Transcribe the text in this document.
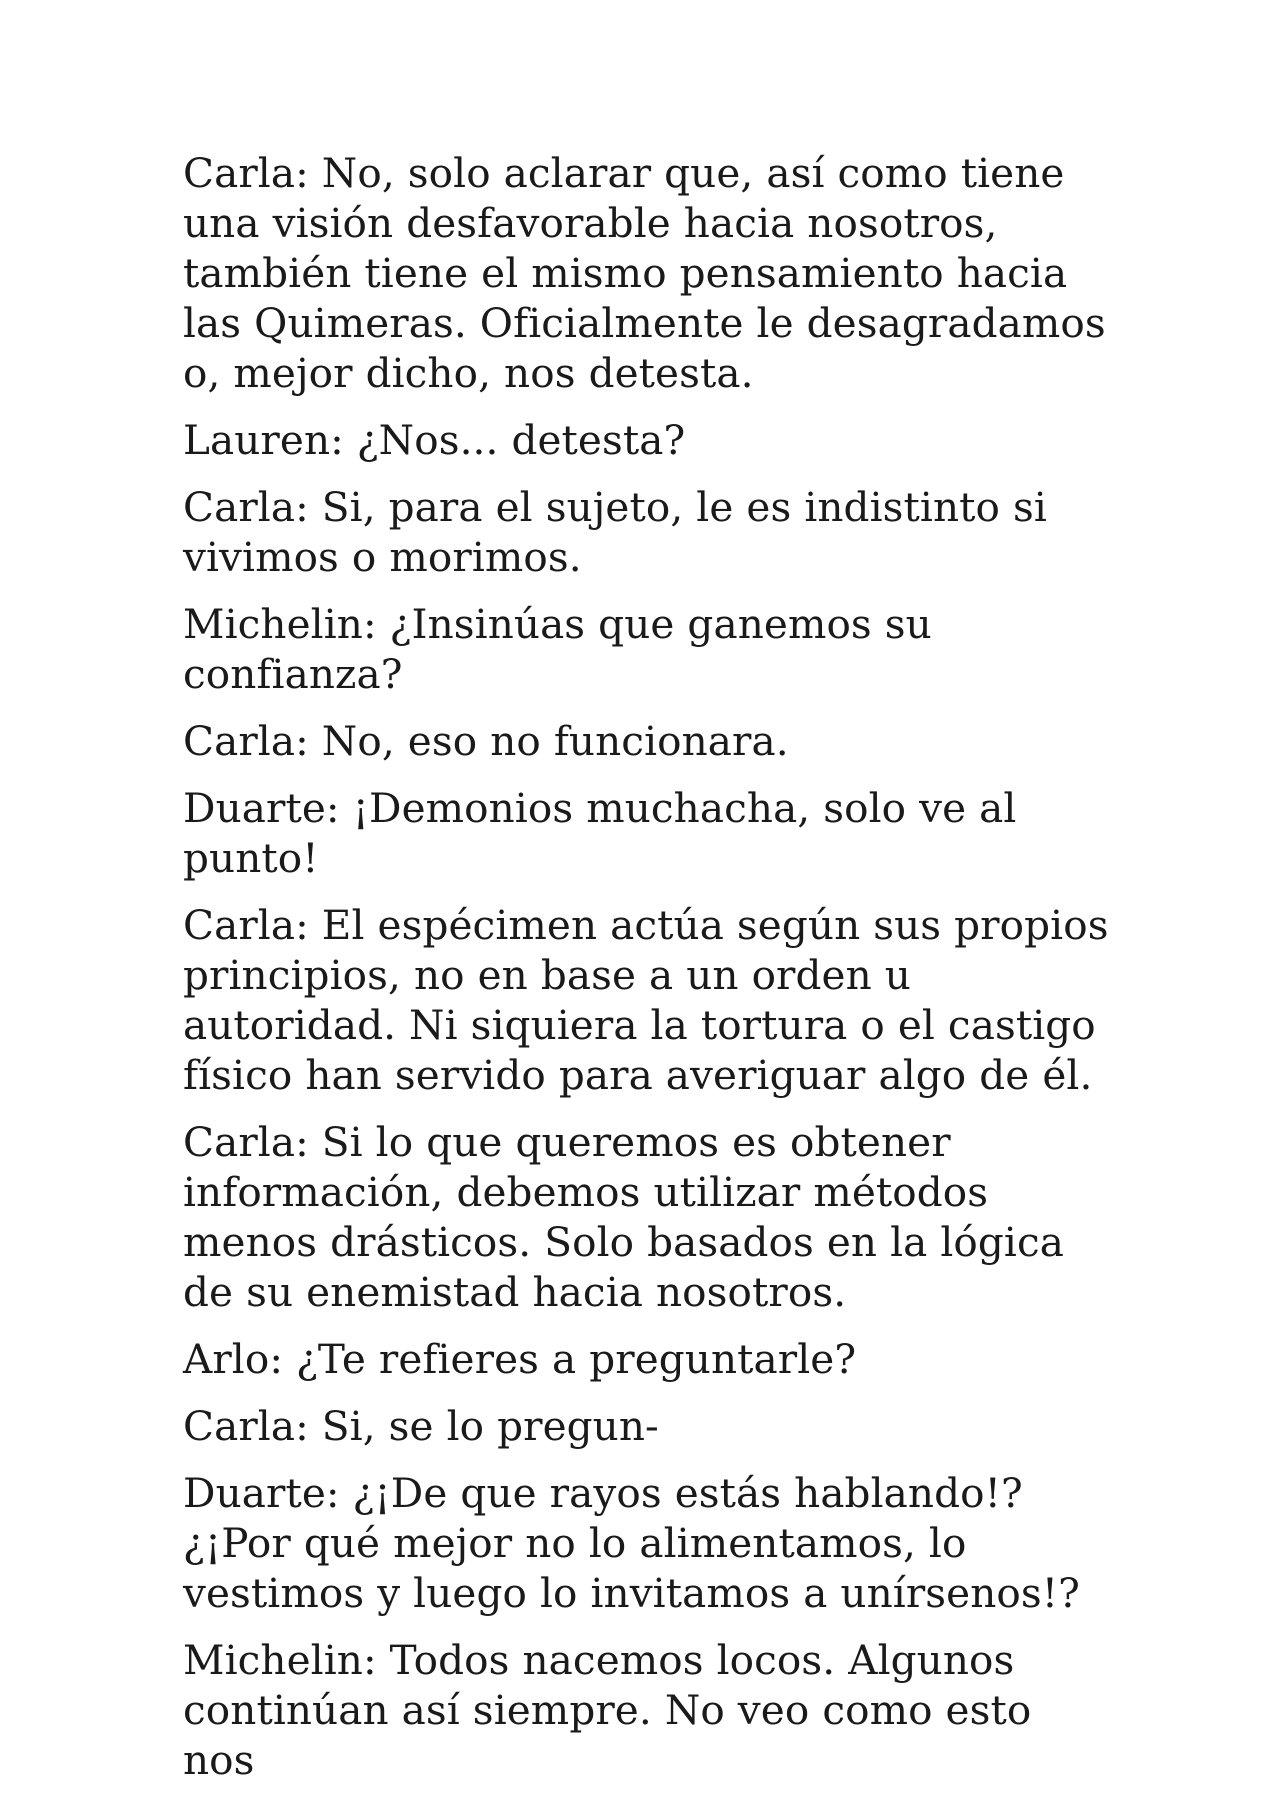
Carla: No, solo aclarar que, así como tiene una visión desfavorable hacia nosotros, también tiene el mismo pensamiento hacia las Quimeras. Oficialmente le desagradamos o, mejor dicho, nos detesta.

Lauren: ¿Nos... detesta?

Carla: Si, para el sujeto, le es indistinto si vivimos o morimos.

Michelin: ¿Insinúas que ganemos su confianza?

Carla: No, eso no funcionara.

Duarte: ¡Demonios muchacha, solo ve al punto!

Carla: El espécimen actúa según sus propios principios, no en base a un orden u autoridad. Ni siquiera la tortura o el castigo físico han servido para averiguar algo de él.

Carla: Si lo que queremos es obtener información, debemos utilizar métodos menos drásticos. Solo basados en la lógica de su enemistad hacia nosotros.

Arlo: ¿Te refieres a preguntarle?

Carla: Si, se lo pregun-

Duarte: ¿¡De que rayos estás hablando!? ¿¡Por qué mejor no lo alimentamos, lo vestimos y luego lo invitamos a unírsenos!?

Michelin: Todos nacemos locos. Algunos continúan así siempre. No veo como esto nos
